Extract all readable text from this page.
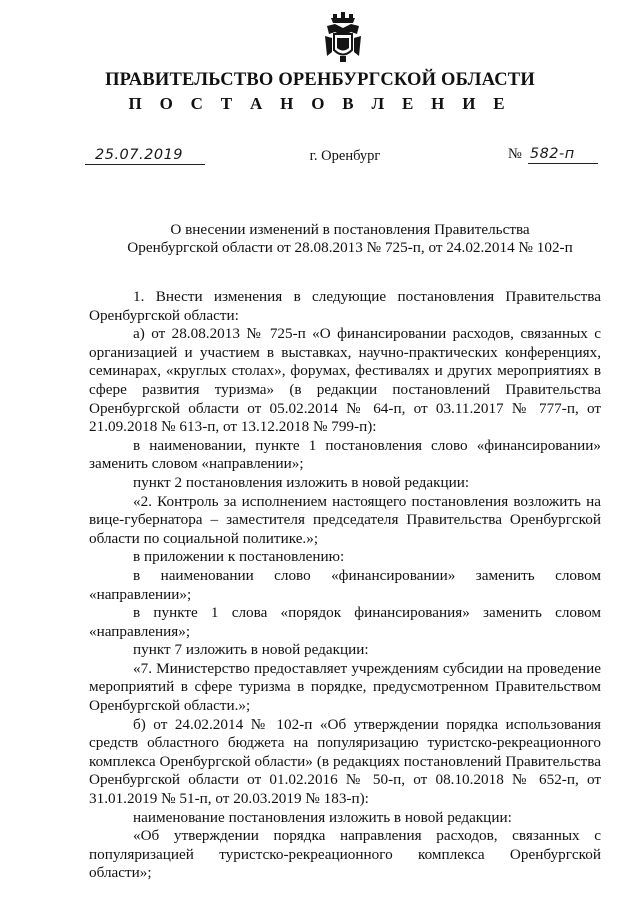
ПРАВИТЕЛЬСТВО ОРЕНБУРГСКОЙ ОБЛАСТИ
П О С Т А Н О В Л Е Н И Е
25.07.2019	г. Оренбург	№ 582-п
О внесении изменений в постановления Правительства
Оренбургской области от 28.08.2013 № 725-п, от 24.02.2014 № 102-п

1. Внести изменения в следующие постановления Правительства Оренбургской области:

а) от 28.08.2013 № 725-п «О финансировании расходов, связанных с организацией и участием в выставках, научно-практических конференциях, семинарах, «круглых столах», форумах, фестивалях и других мероприятиях в сфере развития туризма» (в редакции постановлений Правительства Оренбургской области от 05.02.2014 № 64-п, от 03.11.2017 № 777-п, от 21.09.2018 № 613-п, от 13.12.2018 № 799-п):

в наименовании, пункте 1 постановления слово «финансировании» заменить словом «направлении»;

пункт 2 постановления изложить в новой редакции:

«2. Контроль за исполнением настоящего постановления возложить на вице-губернатора – заместителя председателя Правительства Оренбургской области по социальной политике.»;

в приложении к постановлению:

в наименовании слово «финансировании» заменить словом «направлении»;

в пункте 1 слова «порядок финансирования» заменить словом «направления»;

пункт 7 изложить в новой редакции:

«7. Министерство предоставляет учреждениям субсидии на проведение мероприятий в сфере туризма в порядке, предусмотренном Правительством Оренбургской области.»;

б) от 24.02.2014 № 102-п «Об утверждении порядка использования средств областного бюджета на популяризацию туристско-рекреационного комплекса Оренбургской области» (в редакциях постановлений Правительства Оренбургской области от 01.02.2016 № 50-п, от 08.10.2018 № 652-п, от 31.01.2019 № 51-п, от 20.03.2019 № 183-п):

наименование постановления изложить в новой редакции:

«Об утверждении порядка направления расходов, связанных с популяризацией туристско-рекреационного комплекса Оренбургской области»;
